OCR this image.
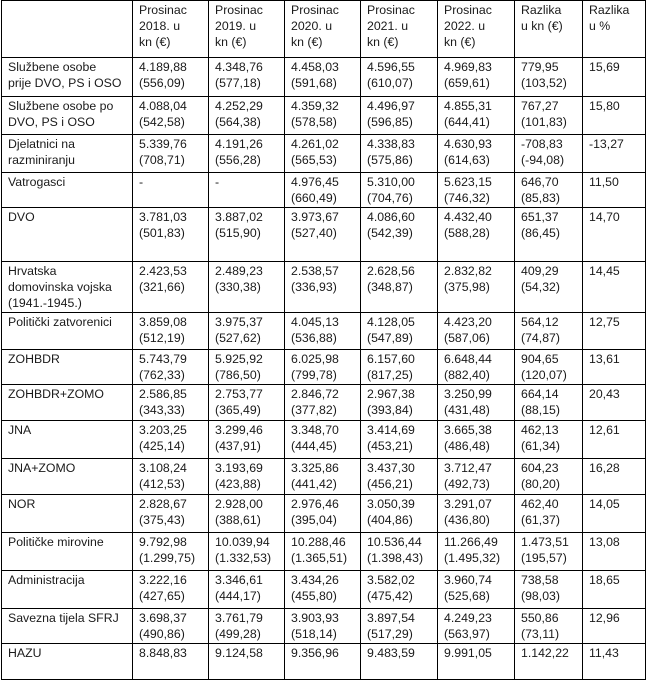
	Prosinac
2018. u
kn (€)	Prosinac
2019. u
kn (€)	Prosinac
2020. u
kn (€)	Prosinac
2021. u
kn (€)	Prosinac
2022. u
kn (€)	Razlika
u kn (€)	Razlika
u %

Službene osobe
prije DVO, PS i OSO	4.189,88
(556,09)	4.348,76
(577,18)	4.458,03
(591,68)	4.596,55
(610,07)	4.969,83
(659,61)	779,95
(103,52)	15,69

Službene osobe po
DVO, PS i OSO	4.088,04
(542,58)	4.252,29
(564,38)	4.359,32
(578,58)	4.496,97
(596,85)	4.855,31
(644,41)	767,27
(101,83)	15,80

Djelatnici na
razminiranju	5.339,76
(708,71)	4.191,26
(556,28)	4.261,02
(565,53)	4.338,83
(575,86)	4.630,93
(614,63)	-708,83
(-94,08)	-13,27

Vatrogasci	-	-	4.976,45
(660,49)	5.310,00
(704,76)	5.623,15
(746,32)	646,70
(85,83)	11,50

DVO	3.781,03
(501,83)	3.887,02
(515,90)	3.973,67
(527,40)	4.086,60
(542,39)	4.432,40
(588,28)	651,37
(86,45)	14,70

Hrvatska
domovinska vojska
(1941.-1945.)	2.423,53
(321,66)	2.489,23
(330,38)	2.538,57
(336,93)	2.628,56
(348,87)	2.832,82
(375,98)	409,29
(54,32)	14,45

Politički zatvorenici	3.859,08
(512,19)	3.975,37
(527,62)	4.045,13
(536,88)	4.128,05
(547,89)	4.423,20
(587,06)	564,12
(74,87)	12,75

ZOHBDR	5.743,79
(762,33)	5.925,92
(786,50)	6.025,98
(799,78)	6.157,60
(817,25)	6.648,44
(882,40)	904,65
(120,07)	13,61

ZOHBDR+ZOMO	2.586,85
(343,33)	2.753,77
(365,49)	2.846,72
(377,82)	2.967,38
(393,84)	3.250,99
(431,48)	664,14
(88,15)	20,43

JNA	3.203,25
(425,14)	3.299,46
(437,91)	3.348,70
(444,45)	3.414,69
(453,21)	3.665,38
(486,48)	462,13
(61,34)	12,61

JNA+ZOMO	3.108,24
(412,53)	3.193,69
(423,88)	3.325,86
(441,42)	3.437,30
(456,21)	3.712,47
(492,73)	604,23
(80,20)	16,28

NOR	2.828,67
(375,43)	2.928,00
(388,61)	2.976,46
(395,04)	3.050,39
(404,86)	3.291,07
(436,80)	462,40
(61,37)	14,05

Političke mirovine	9.792,98
(1.299,75)	10.039,94
(1.332,53)	10.288,46
(1.365,51)	10.536,44
(1.398,43)	11.266,49
(1.495,32)	1.473,51
(195,57)	13,08

Administracija	3.222,16
(427,65)	3.346,61
(444,17)	3.434,26
(455,80)	3.582,02
(475,42)	3.960,74
(525,68)	738,58
(98,03)	18,65

Savezna tijela SFRJ	3.698,37
(490,86)	3.761,79
(499,28)	3.903,93
(518,14)	3.897,54
(517,29)	4.249,23
(563,97)	550,86
(73,11)	12,96

HAZU	8.848,83	9.124,58	9.356,96	9.483,59	9.991,05	1.142,22	11,43
